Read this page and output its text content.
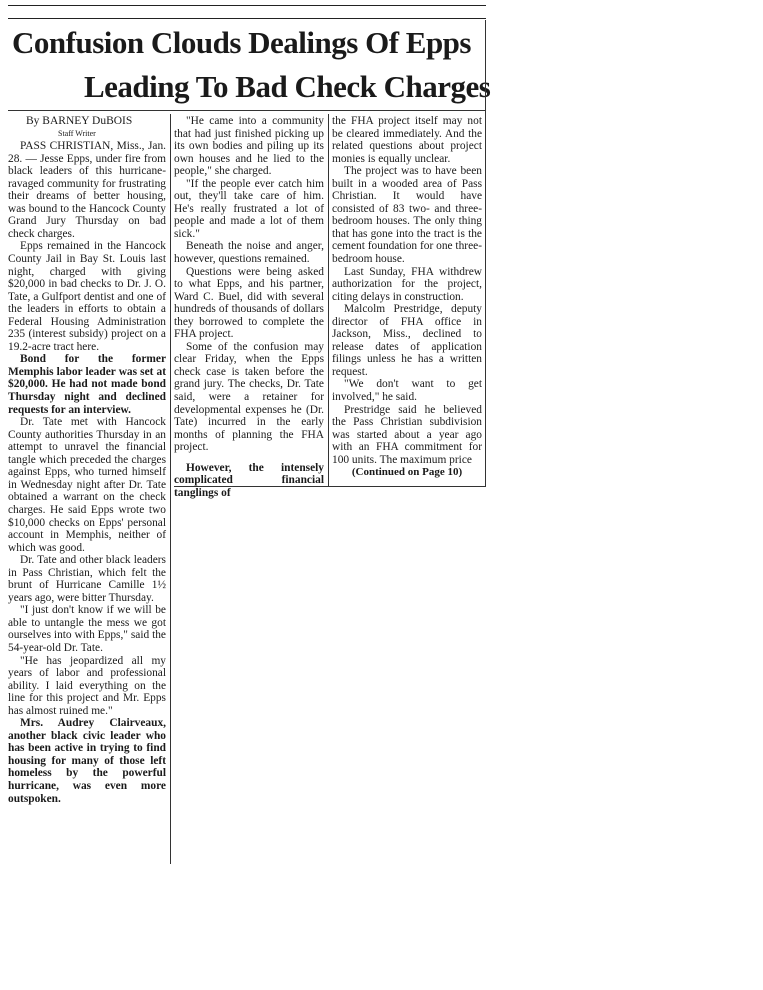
Confusion Clouds Dealings Of Epps
Leading To Bad Check Charges

By BARNEY DuBOIS

Staff Writer

PASS CHRISTIAN, Miss., Jan. 28. — Jesse Epps, under fire from black leaders of this hurricane-ravaged community for frustrating their dreams of better housing, was bound to the Hancock County Grand Jury Thursday on bad check charges.

Epps remained in the Hancock County Jail in Bay St. Louis last night, charged with giving $20,000 in bad checks to Dr. J. O. Tate, a Gulfport dentist and one of the leaders in efforts to obtain a Federal Housing Administration 235 (interest subsidy) project on a 19.2-acre tract here.

Bond for the former Memphis labor leader was set at $20,000. He had not made bond Thursday night and declined requests for an interview.

Dr. Tate met with Hancock County authorities Thursday in an attempt to unravel the financial tangle which preceded the charges against Epps, who turned himself in Wednesday night after Dr. Tate obtained a warrant on the check charges. He said Epps wrote two $10,000 checks on Epps' personal account in Memphis, neither of which was good.

Dr. Tate and other black leaders in Pass Christian, which felt the brunt of Hurricane Camille 1½ years ago, were bitter Thursday.

"I just don't know if we will be able to untangle the mess we got ourselves into with Epps," said the 54-year-old Dr. Tate.

"He has jeopardized all my years of labor and professional ability. I laid everything on the line for this project and Mr. Epps has almost ruined me."

Mrs. Audrey Clairveaux, another black civic leader who has been active in trying to find housing for many of those left homeless by the powerful hurricane, was even more outspoken.

"He came into a community that had just finished picking up its own bodies and piling up its own houses and he lied to the people," she charged.

"If the people ever catch him out, they'll take care of him. He's really frustrated a lot of people and made a lot of them sick."

Beneath the noise and anger, however, questions remained.

Questions were being asked to what Epps, and his partner, Ward C. Buel, did with several hundreds of thousands of dollars they borrowed to complete the FHA project.

Some of the confusion may clear Friday, when the Epps check case is taken before the grand jury. The checks, Dr. Tate said, were a retainer for developmental expenses he (Dr. Tate) incurred in the early months of planning the FHA project.

However, the intensely complicated financial tanglings of

the FHA project itself may not be cleared immediately. And the related questions about project monies is equally unclear.

The project was to have been built in a wooded area of Pass Christian. It would have consisted of 83 two- and three-bedroom houses. The only thing that has gone into the tract is the cement foundation for one three-bedroom house.

Last Sunday, FHA withdrew authorization for the project, citing delays in construction.

Malcolm Prestridge, deputy director of FHA office in Jackson, Miss., declined to release dates of application filings unless he has a written request.

"We don't want to get involved," he said.

Prestridge said he believed the Pass Christian subdivision was started about a year ago with an FHA commitment for 100 units. The maximum price

(Continued on Page 10)
